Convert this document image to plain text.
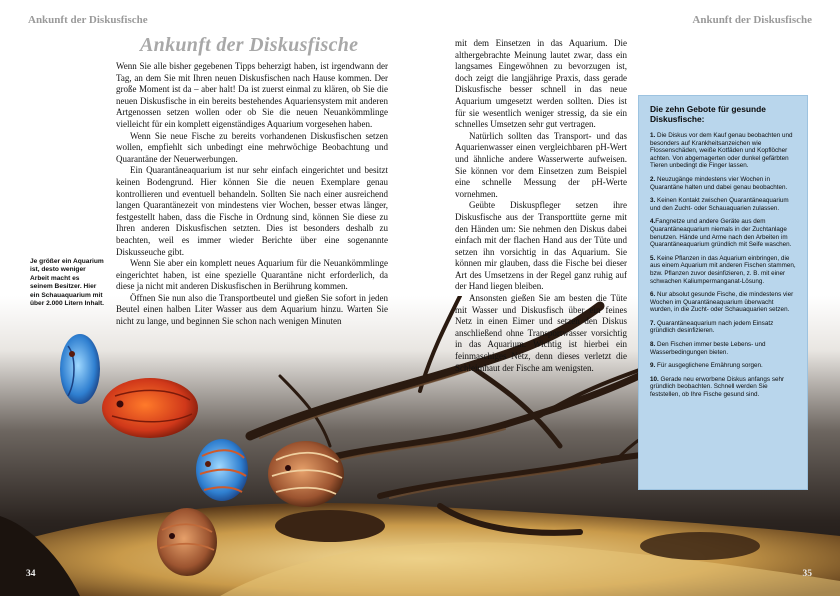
Ankunft der Diskusfische	Ankunft der Diskusfische
Ankunft der Diskusfische

Wenn Sie alle bisher gegebenen Tipps beherzigt haben, ist irgendwann der Tag, an dem Sie mit Ihren neuen Diskusfischen nach Hause kommen. Der große Moment ist da – aber halt! Da ist zuerst einmal zu klären, ob Sie die neuen Diskusfische in ein bereits bestehendes Aquariensystem mit anderen Artgenossen setzen wollen oder ob Sie die neuen Neuankömmlinge vielleicht für ein komplett eigenständiges Aquarium vorgesehen haben.

Wenn Sie neue Fische zu bereits vorhandenen Diskusfischen setzen wollen, empfiehlt sich unbedingt eine mehrwöchige Beobachtung und Quarantäne der Neuerwerbungen.

Ein Quarantäneaquarium ist nur sehr einfach eingerichtet und besitzt keinen Bodengrund. Hier können Sie die neuen Exemplare genau kontrollieren und eventuell behandeln. Sollten Sie nach einer ausreichend langen Quarantänezeit von mindestens vier Wochen, besser etwas länger, festgestellt haben, dass die Fische in Ordnung sind, können Sie diese zu Ihren anderen Diskusfischen setzten. Dies ist besonders deshalb zu beachten, weil es immer wieder Berichte über eine sogenannte Diskusseuche gibt.

Wenn Sie aber ein komplett neues Aquarium für die Neuankömmlinge eingerichtet haben, ist eine spezielle Quarantäne nicht erforderlich, da diese ja nicht mit anderen Diskusfischen in Berührung kommen.

Öffnen Sie nun also die Transportbeutel und gießen Sie sofort in jeden Beutel einen halben Liter Wasser aus dem Aquarium hinzu. Warten Sie nicht zu lange, und beginnen Sie schon nach wenigen Minuten

mit dem Einsetzen in das Aquarium. Die althergebrachte Meinung lautet zwar, dass ein langsames Eingewöhnen zu bevorzugen ist, doch zeigt die langjährige Praxis, dass gerade Diskusfische besser schnell in das neue Aquarium umgesetzt werden sollten. Dies ist für sie wesentlich weniger stressig, da sie ein schnelles Umsetzen sehr gut vertragen.

Natürlich sollten das Transport- und das Aquarienwasser einen vergleichbaren pH-Wert und ähnliche andere Wasserwerte aufweisen. Sie können vor dem Einsetzen zum Beispiel eine schnelle Messung der pH-Werte vornehmen.

Geübte Diskuspfleger setzen ihre Diskusfische aus der Transporttüte gerne mit den Händen um: Sie nehmen den Diskus dabei einfach mit der flachen Hand aus der Tüte und setzen ihn vorsichtig in das Aquarium. Sie können mir glauben, dass die Fische bei dieser Art des Umsetzens in der Regel ganz ruhig auf der Hand liegen bleiben.

Ansonsten gießen Sie am besten die Tüte mit Wasser und Diskusfisch über ein feines Netz in einen Eimer und setzen den Diskus anschließend ohne Transportwasser vorsichtig in das Aquarium. Wichtig ist hierbei ein feinmaschiges Netz, denn dieses verletzt die Schleimhaut der Fische am wenigsten.

Je größer ein Aquarium ist, desto weniger Arbeit macht es seinem Besitzer. Hier ein Schauaquarium mit über 2.000 Litern Inhalt.
Die zehn Gebote für gesunde Diskusfische:
1. Die Diskus vor dem Kauf genau beobachten und besonders auf Krankheitsanzeichen wie Flossenschäden, weiße Kotfäden und Kopflöcher achten. Von abgemagerten oder dunkel gefärbten Tieren unbedingt die Finger lassen.
2. Neuzugänge mindestens vier Wochen in Quarantäne halten und dabei genau beobachten.
3. Keinen Kontakt zwischen Quarantäneaquarium und den Zucht- oder Schauaquarien zulassen.
4.Fangnetze und andere Geräte aus dem Quarantäneaquarium niemals in der Zuchtanlage benutzen. Hände und Arme nach den Arbeiten im Quarantäneaquarium gründlich mit Seife waschen.
5. Keine Pflanzen in das Aquarium einbringen, die aus einem Aquarium mit anderen Fischen stammen, bzw. Pflanzen zuvor desinfizieren, z. B. mit einer schwachen Kaliumpermanganat-Lösung.
6. Nur absolut gesunde Fische, die mindestens vier Wochen im Quarantäneaquarium überwacht wurden, in die Zucht- oder Schauaquarien setzen.
7. Quarantäneaquarium nach jedem Einsatz gründlich desinfizieren.
8. Den Fischen immer beste Lebens- und Wasserbedingungen bieten.
9. Für ausgeglichene Ernährung sorgen.
10. Gerade neu erworbene Diskus anfangs sehr gründlich beobachten. Schnell werden Sie feststellen, ob Ihre Fische gesund sind.
34	35
